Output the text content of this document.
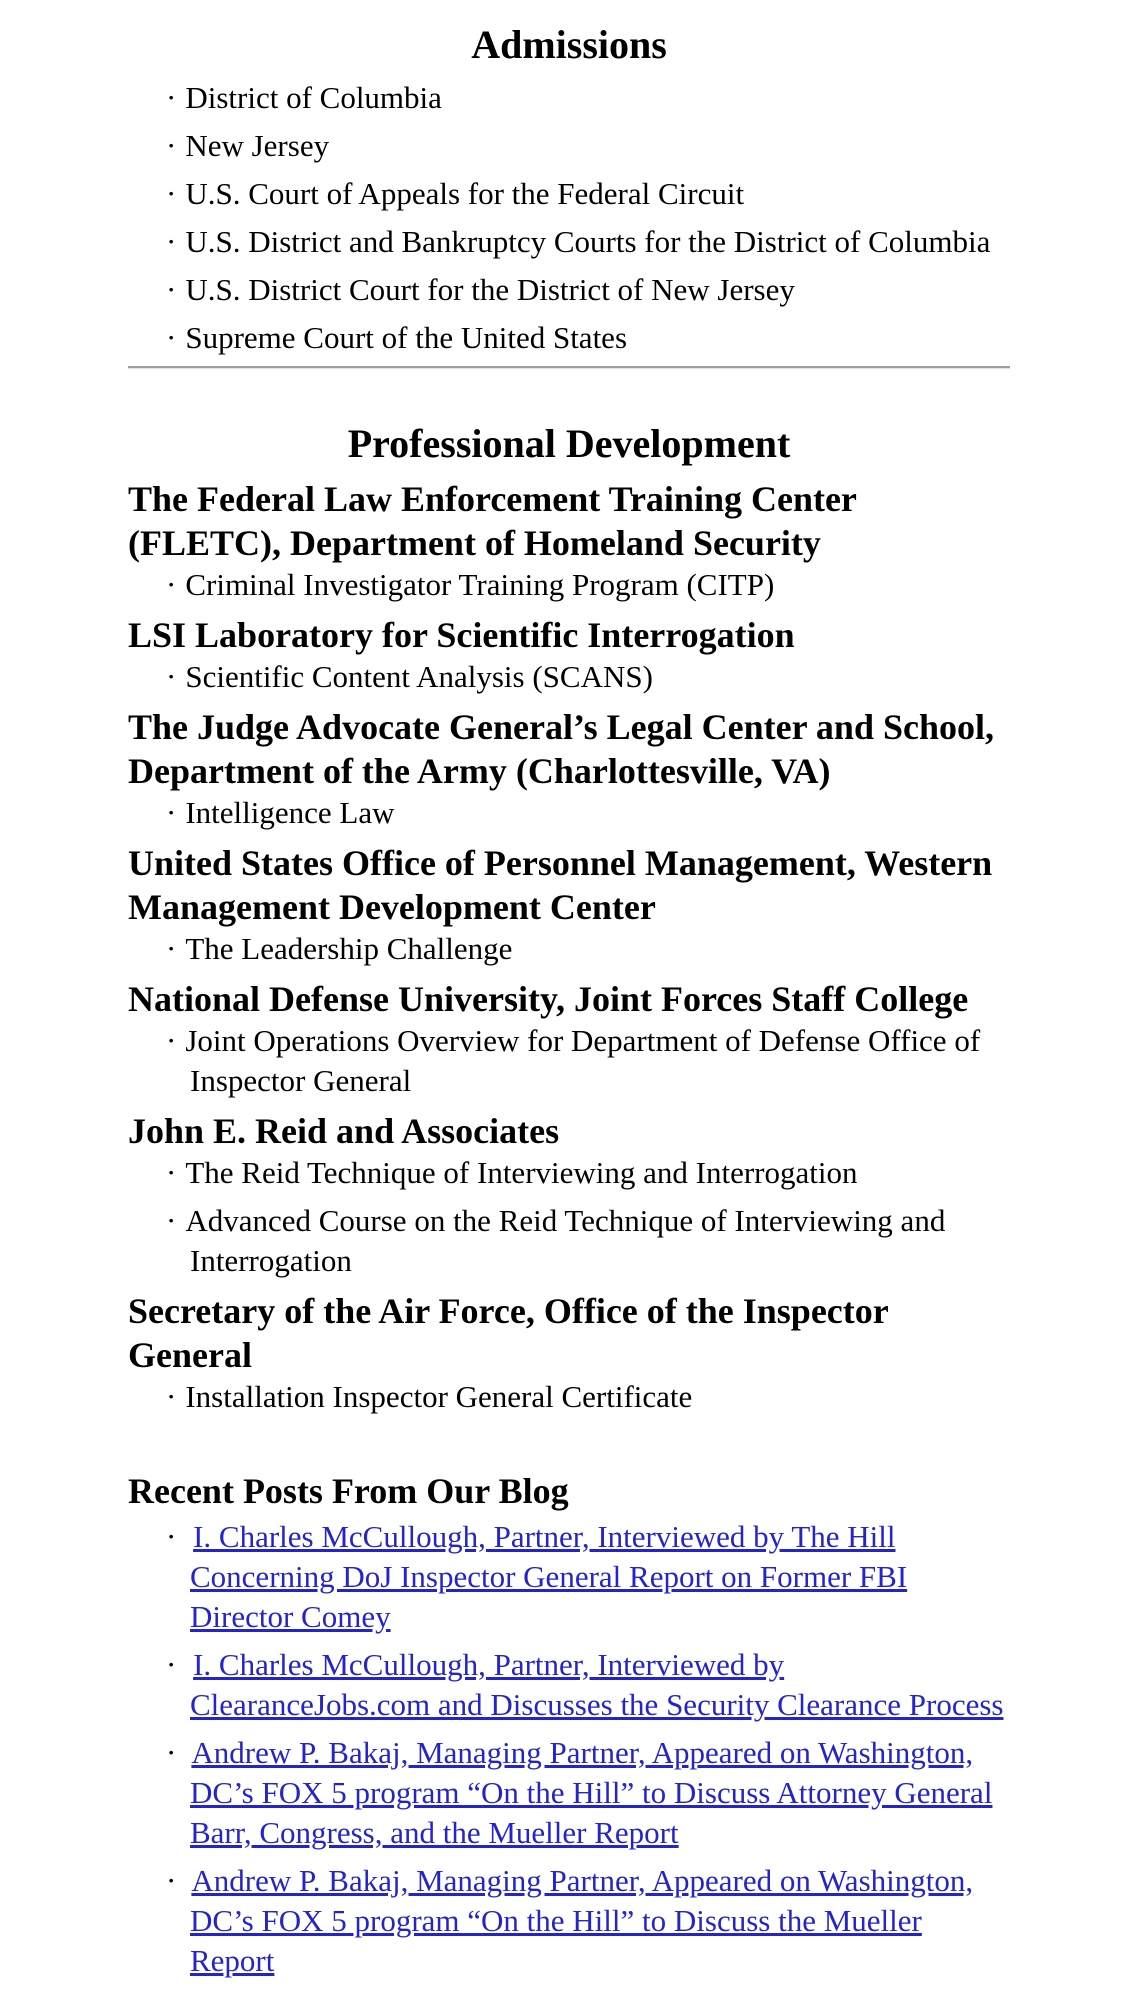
Admissions
· District of Columbia
· New Jersey
· U.S. Court of Appeals for the Federal Circuit
· U.S. District and Bankruptcy Courts for the District of Columbia
· U.S. District Court for the District of New Jersey
· Supreme Court of the United States
Professional Development
The Federal Law Enforcement Training Center (FLETC), Department of Homeland Security
· Criminal Investigator Training Program (CITP)
LSI Laboratory for Scientific Interrogation
· Scientific Content Analysis (SCANS)
The Judge Advocate General’s Legal Center and School, Department of the Army (Charlottesville, VA)
· Intelligence Law
United States Office of Personnel Management, Western Management Development Center
· The Leadership Challenge
National Defense University, Joint Forces Staff College
· Joint Operations Overview for Department of Defense Office of Inspector General
John E. Reid and Associates
· The Reid Technique of Interviewing and Interrogation
· Advanced Course on the Reid Technique of Interviewing and Interrogation
Secretary of the Air Force, Office of the Inspector General
· Installation Inspector General Certificate
Recent Posts From Our Blog
· I. Charles McCullough, Partner, Interviewed by The Hill Concerning DoJ Inspector General Report on Former FBI Director Comey
· I. Charles McCullough, Partner, Interviewed by ClearanceJobs.com and Discusses the Security Clearance Process
· Andrew P. Bakaj, Managing Partner, Appeared on Washington, DC’s FOX 5 program “On the Hill” to Discuss Attorney General Barr, Congress, and the Mueller Report
· Andrew P. Bakaj, Managing Partner, Appeared on Washington, DC’s FOX 5 program “On the Hill” to Discuss the Mueller Report
